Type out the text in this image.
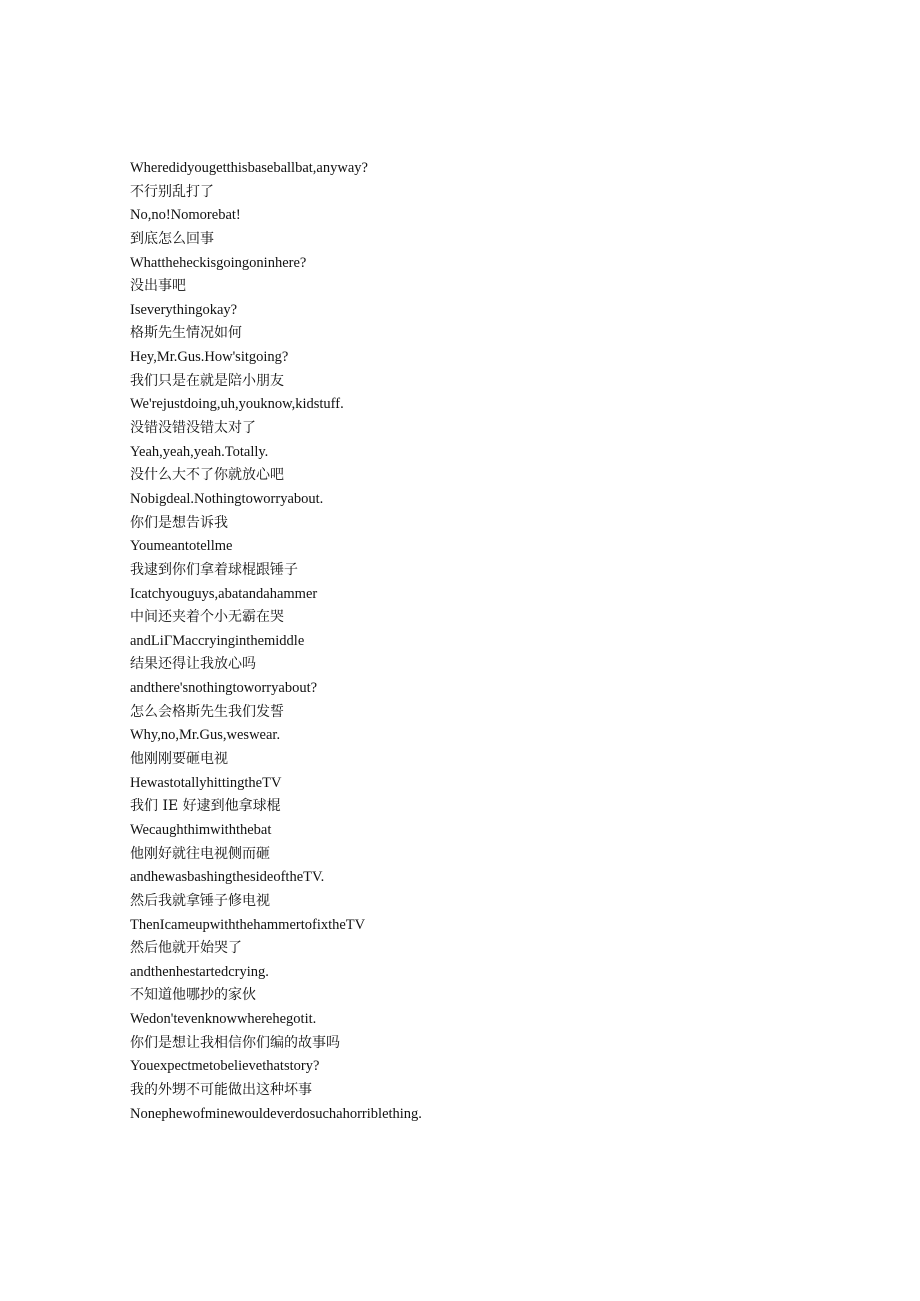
Wheredidyougetthisbaseballbat,anyway?
不行别乱打了
No,no!Nomorebat!
到底怎么回事
Whattheheckisgoingoninhere?
没出事吧
Iseverythingokay?
格斯先生情况如何
Hey,Mr.Gus.How'sitgoing?
我们只是在就是陪小朋友
We'rejustdoing,uh,youknow,kidstuff.
没错没错没错太对了
Yeah,yeah,yeah.Totally.
没什么大不了你就放心吧
Nobigdeal.Nothingtoworryabout.
你们是想告诉我
Youmeantotellme
我逮到你们拿着球棍跟锤子
Icatchyouguys,abatandahammer
中间还夹着个小无霸在哭
andLiΓMaccryinginthemiddle
结果还得让我放心吗
andthere'snothingtoworryabout?
怎么会格斯先生我们发誓
Why,no,Mr.Gus,weswear.
他刚刚要砸电视
HewastotallyhittingtheTV
我们 IE 好逮到他拿球棍
Wecaughthimwiththebat
他刚好就往电视侧而砸
andhewasbashingthesideoftheTV.
然后我就拿锤子修电视
ThenIcameupwiththehammertofixtheTV
然后他就开始哭了
andthenhestartedcrying.
不知道他哪抄的家伙
Wedon'tevenknowwherehegotit.
你们是想让我相信你们编的故事吗
Youexpectmetobelievethatstory?
我的外甥不可能做出这种坏事
Nonephewofminewouldeverdosuchahorriblething.
